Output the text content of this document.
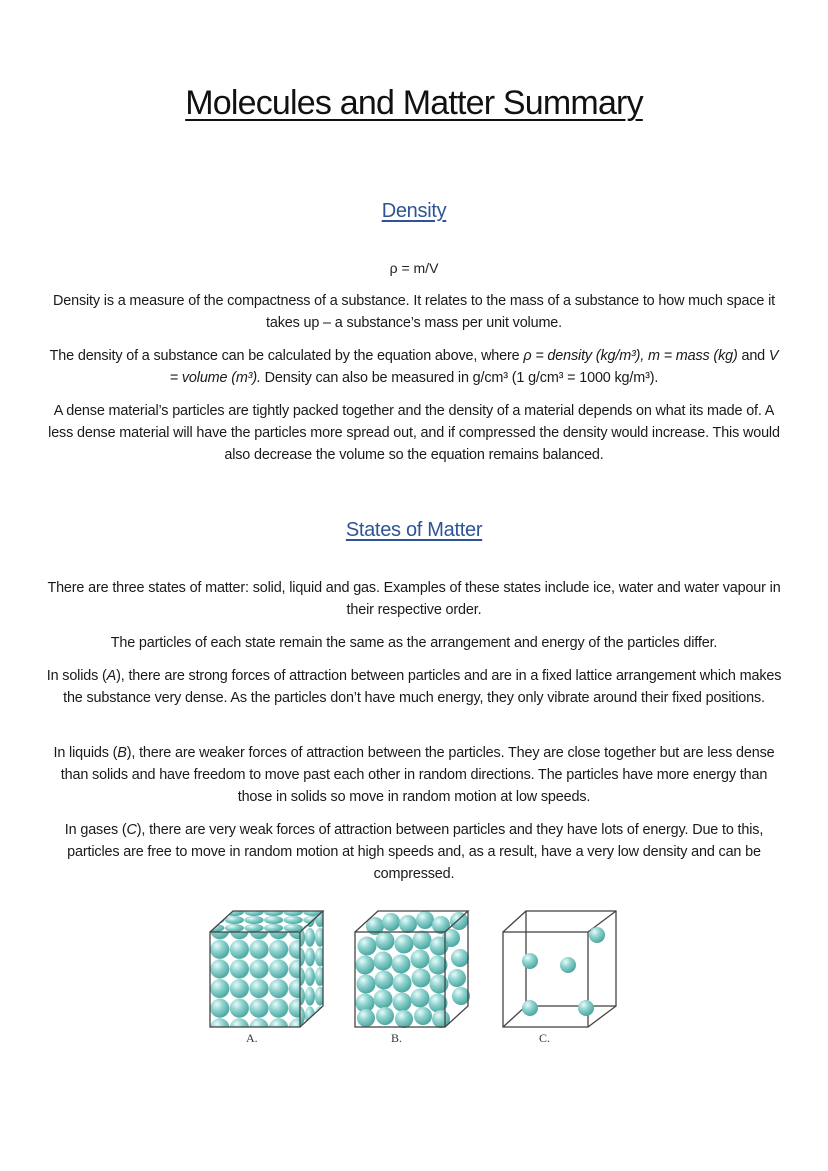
Molecules and Matter Summary
Density
ρ = m/V
Density is a measure of the compactness of a substance. It relates to the mass of a substance to how much space it takes up – a substance’s mass per unit volume.
The density of a substance can be calculated by the equation above, where ρ = density (kg/m³), m = mass (kg) and V = volume (m³). Density can also be measured in g/cm³ (1 g/cm³ = 1000 kg/m³).
A dense material’s particles are tightly packed together and the density of a material depends on what its made of. A less dense material will have the particles more spread out, and if compressed the density would increase. This would also decrease the volume so the equation remains balanced.
States of Matter
There are three states of matter: solid, liquid and gas. Examples of these states include ice, water and water vapour in their respective order.
The particles of each state remain the same as the arrangement and energy of the particles differ.
In solids (A), there are strong forces of attraction between particles and are in a fixed lattice arrangement which makes the substance very dense. As the particles don’t have much energy, they only vibrate around their fixed positions.
In liquids (B), there are weaker forces of attraction between the particles. They are close together but are less dense than solids and have freedom to move past each other in random directions. The particles have more energy than those in solids so move in random motion at low speeds.
In gases (C), there are very weak forces of attraction between particles and they have lots of energy. Due to this, particles are free to move in random motion at high speeds and, as a result, have a very low density and can be compressed.
A.	B.	C.
